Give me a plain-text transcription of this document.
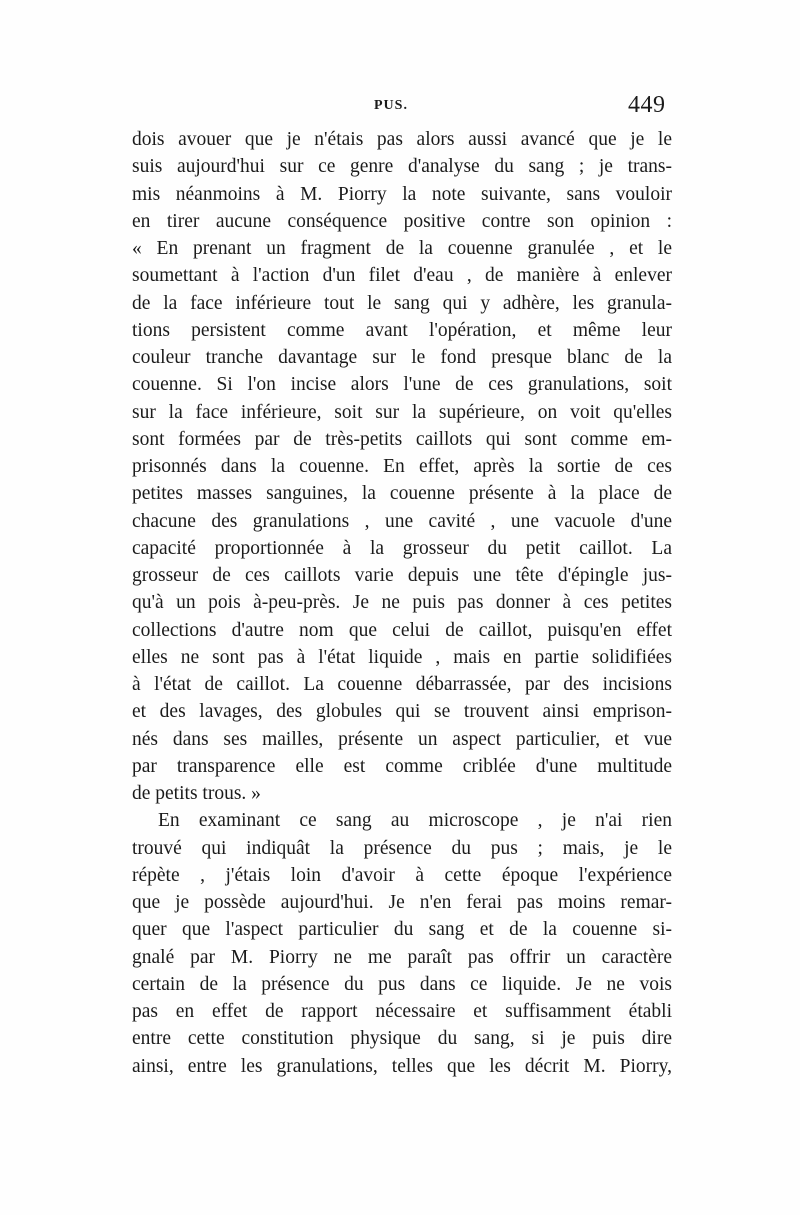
PUS.	449
dois avouer que je n'étais pas alors aussi avancé que je le
suis aujourd'hui sur ce genre d'analyse du sang ; je trans-
mis néanmoins à M. Piorry la note suivante, sans vouloir
en tirer aucune conséquence positive contre son opinion :
« En prenant un fragment de la couenne granulée , et le
soumettant à l'action d'un filet d'eau , de manière à enlever
de la face inférieure tout le sang qui y adhère, les granula-
tions persistent comme avant l'opération, et même leur
couleur tranche davantage sur le fond presque blanc de la
couenne. Si l'on incise alors l'une de ces granulations, soit
sur la face inférieure, soit sur la supérieure, on voit qu'elles
sont formées par de très-petits caillots qui sont comme em-
prisonnés dans la couenne. En effet, après la sortie de ces
petites masses sanguines, la couenne présente à la place de
chacune des granulations , une cavité , une vacuole d'une
capacité proportionnée à la grosseur du petit caillot. La
grosseur de ces caillots varie depuis une tête d'épingle jus-
qu'à un pois à-peu-près. Je ne puis pas donner à ces petites
collections d'autre nom que celui de caillot, puisqu'en effet
elles ne sont pas à l'état liquide , mais en partie solidifiées
à l'état de caillot. La couenne débarrassée, par des incisions
et des lavages, des globules qui se trouvent ainsi emprison-
nés dans ses mailles, présente un aspect particulier, et vue
par transparence elle est comme criblée d'une multitude
de petits trous. »
En examinant ce sang au microscope , je n'ai rien
trouvé qui indiquât la présence du pus ; mais, je le
répète , j'étais loin d'avoir à cette époque l'expérience
que je possède aujourd'hui. Je n'en ferai pas moins remar-
quer que l'aspect particulier du sang et de la couenne si-
gnalé par M. Piorry ne me paraît pas offrir un caractère
certain de la présence du pus dans ce liquide. Je ne vois
pas en effet de rapport nécessaire et suffisamment établi
entre cette constitution physique du sang, si je puis dire
ainsi, entre les granulations, telles que les décrit M. Piorry,
